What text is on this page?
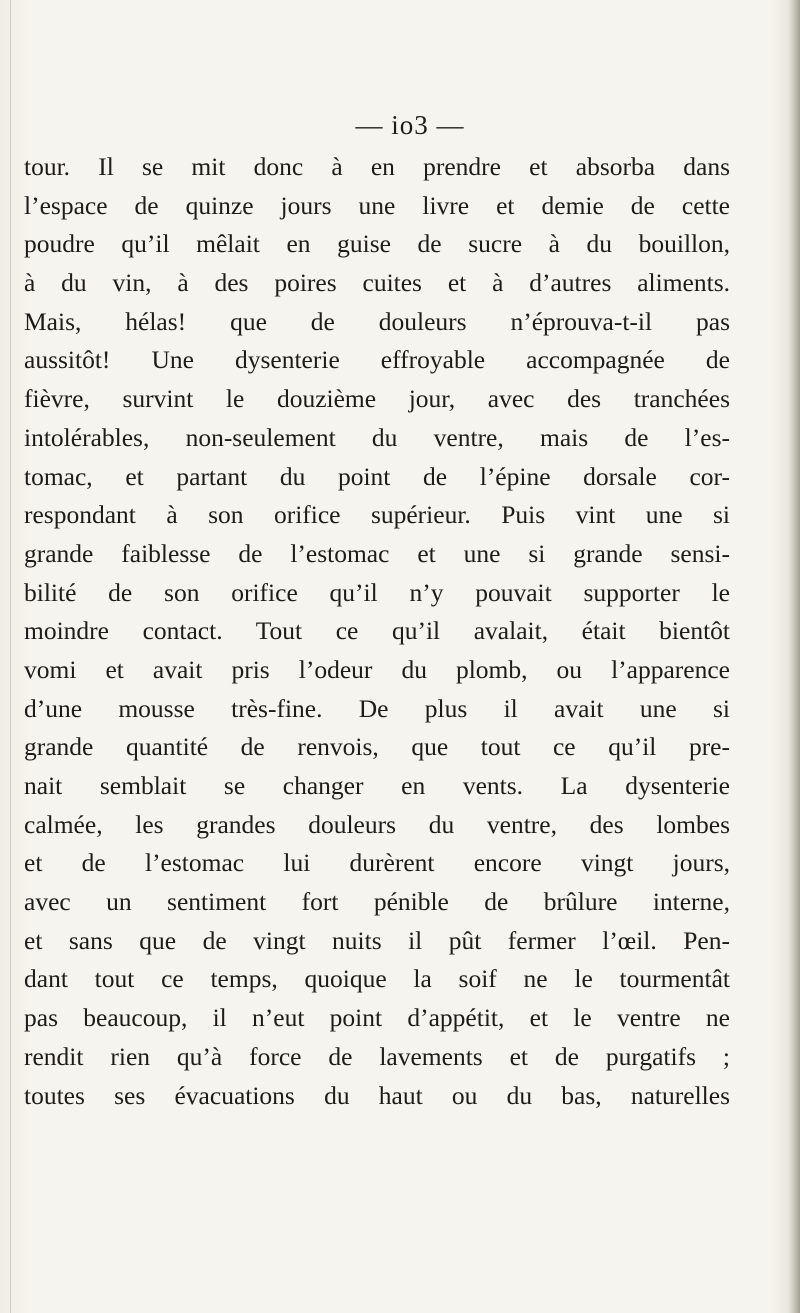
— io3 —
tour. Il se mit donc à en prendre et absorba dans
l’espace de quinze jours une livre et demie de cette
poudre qu’il mêlait en guise de sucre à du bouillon,
à du vin, à des poires cuites et à d’autres aliments.
Mais, hélas! que de douleurs n’éprouva-t-il pas
aussitôt! Une dysenterie effroyable accompagnée de
fièvre, survint le douzième jour, avec des tranchées
intolérables, non-seulement du ventre, mais de l’es-
tomac, et partant du point de l’épine dorsale cor-
respondant à son orifice supérieur. Puis vint une si
grande faiblesse de l’estomac et une si grande sensi-
bilité de son orifice qu’il n’y pouvait supporter le
moindre contact. Tout ce qu’il avalait, était bientôt
vomi et avait pris l’odeur du plomb, ou l’apparence
d’une mousse très-fine. De plus il avait une si
grande quantité de renvois, que tout ce qu’il pre-
nait semblait se changer en vents. La dysenterie
calmée, les grandes douleurs du ventre, des lombes
et de l’estomac lui durèrent encore vingt jours,
avec un sentiment fort pénible de brûlure interne,
et sans que de vingt nuits il pût fermer l’œil. Pen-
dant tout ce temps, quoique la soif ne le tourmentât
pas beaucoup, il n’eut point d’appétit, et le ventre ne
rendit rien qu’à force de lavements et de purgatifs ;
toutes ses évacuations du haut ou du bas, naturelles
